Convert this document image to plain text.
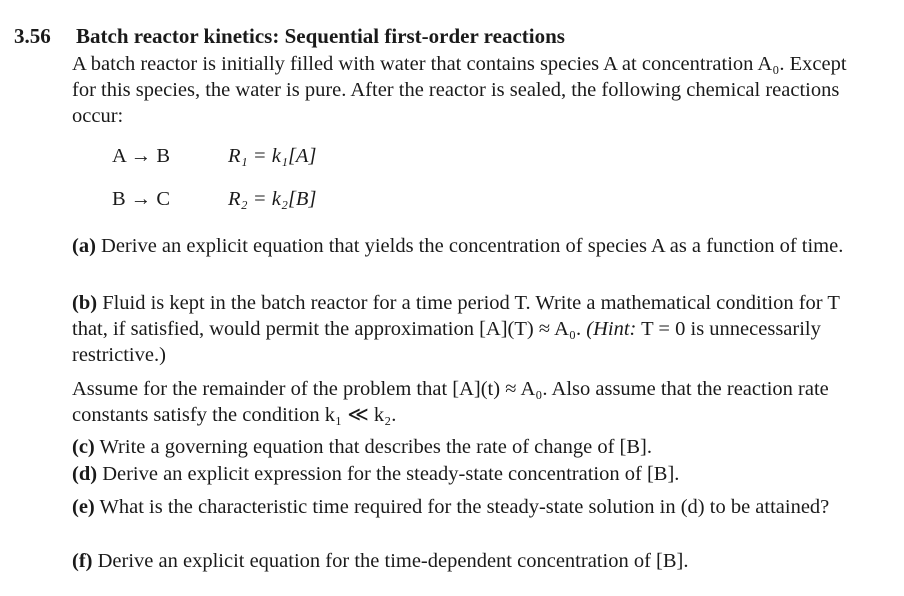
3.56 Batch reactor kinetics: Sequential first-order reactions
A batch reactor is initially filled with water that contains species A at concentration A₀. Except for this species, the water is pure. After the reactor is sealed, the following chemical reactions occur:
A → B	R₁ = k₁[A]
B → C	R₂ = k₂[B]
(a) Derive an explicit equation that yields the concentration of species A as a function of time.
(b) Fluid is kept in the batch reactor for a time period T. Write a mathematical condition for T that, if satisfied, would permit the approximation [A](T) ≈ A₀. (Hint: T = 0 is unnecessarily restrictive.)
Assume for the remainder of the problem that [A](t) ≈ A₀. Also assume that the reaction rate constants satisfy the condition k₁ ≪ k₂.
(c) Write a governing equation that describes the rate of change of [B].
(d) Derive an explicit expression for the steady-state concentration of [B].
(e) What is the characteristic time required for the steady-state solution in (d) to be attained?
(f) Derive an explicit equation for the time-dependent concentration of [B].
